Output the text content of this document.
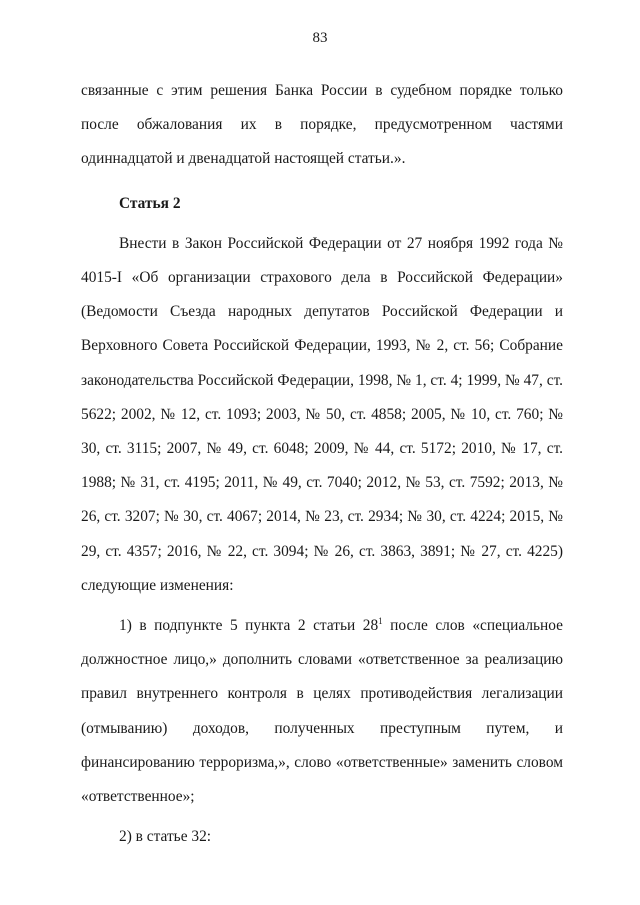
83

связанные с этим решения Банка России в судебном порядке только после обжалования их в порядке, предусмотренном частями одиннадцатой и двенадцатой настоящей статьи.».

Статья 2

Внести в Закон Российской Федерации от 27 ноября 1992 года № 4015-I «Об организации страхового дела в Российской Федерации» (Ведомости Съезда народных депутатов Российской Федерации и Верховного Совета Российской Федерации, 1993, № 2, ст. 56; Собрание законодательства Российской Федерации, 1998, № 1, ст. 4; 1999, № 47, ст. 5622; 2002, № 12, ст. 1093; 2003, № 50, ст. 4858; 2005, № 10, ст. 760; № 30, ст. 3115; 2007, № 49, ст. 6048; 2009, № 44, ст. 5172; 2010, № 17, ст. 1988; № 31, ст. 4195; 2011, № 49, ст. 7040; 2012, № 53, ст. 7592; 2013, № 26, ст. 3207; № 30, ст. 4067; 2014, № 23, ст. 2934; № 30, ст. 4224; 2015, № 29, ст. 4357; 2016, № 22, ст. 3094; № 26, ст. 3863, 3891; № 27, ст. 4225) следующие изменения:

1) в подпункте 5 пункта 2 статьи $28^1$ после слов «специальное должностное лицо,» дополнить словами «ответственное за реализацию правил внутреннего контроля в целях противодействия легализации (отмыванию) доходов, полученных преступным путем, и финансированию терроризма,», слово «ответственные» заменить словом «ответственное»;

2) в статье 32:
